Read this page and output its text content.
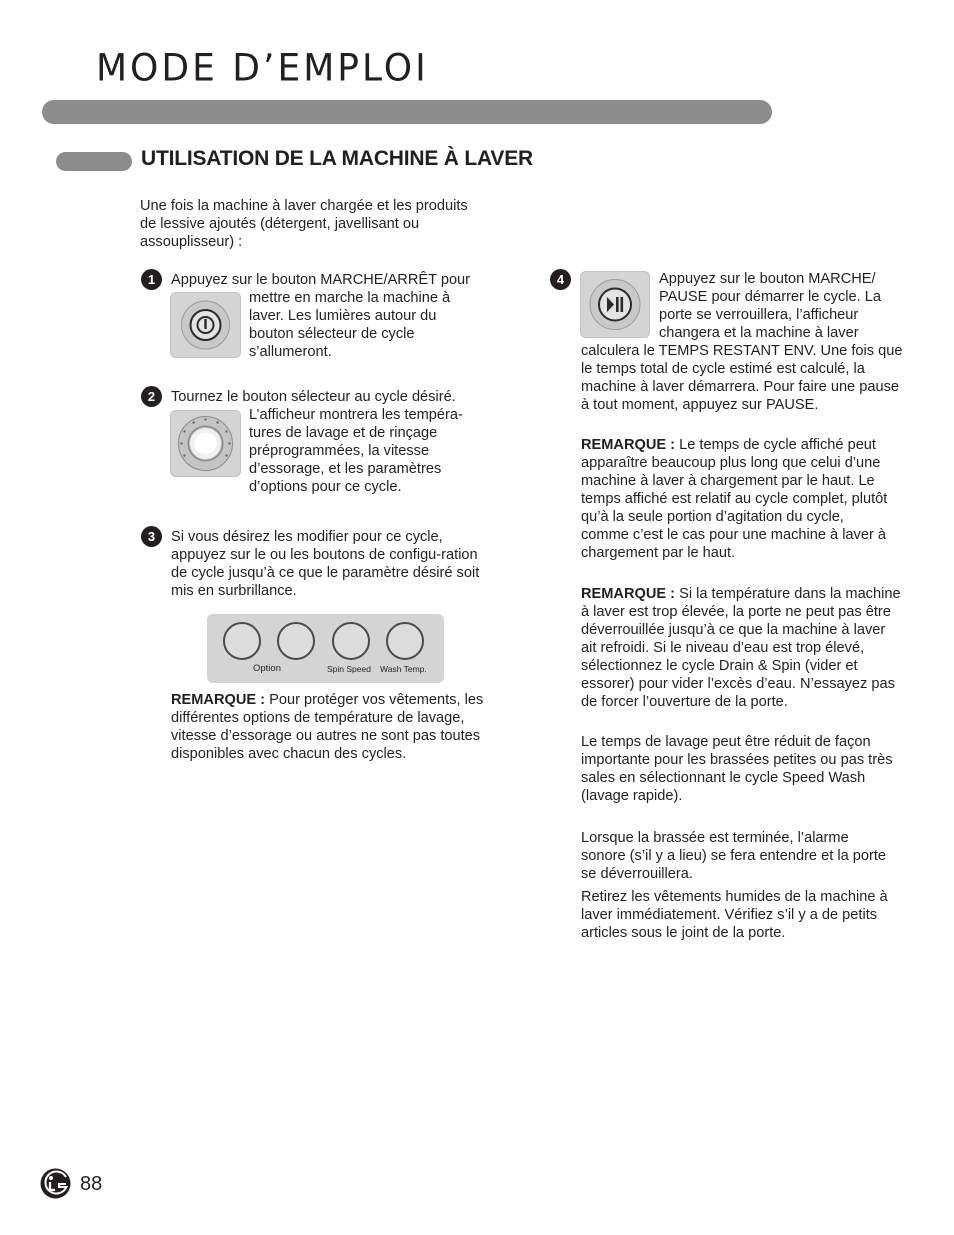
MODE D’EMPLOI
UTILISATION DE LA MACHINE À LAVER
Une fois la machine à laver chargée et les produits de lessive ajoutés (détergent, javellisant ou assouplisseur) :
1	Appuyez sur le bouton MARCHE/ARRÊT pour
mettre en marche la machine à laver. Les lumières autour du bouton sélecteur de cycle s’allumeront.
2	Tournez le bouton sélecteur au cycle désiré.
L’afficheur montrera les tempéra-tures de lavage et de rinçage préprogrammées, la vitesse d’essorage, et les paramètres d’options pour ce cycle.
3	Si vous désirez les modifier pour ce cycle, appuyez sur le ou les boutons de configu-ration de cycle jusqu’à ce que le paramètre désiré soit mis en surbrillance.
Option	Spin Speed Wash Temp.
REMARQUE : Pour protéger vos vêtements, les différentes options de température de lavage, vitesse d’essorage ou autres ne sont pas toutes disponibles avec chacun des cycles.
4	Appuyez sur le bouton MARCHE/ PAUSE pour démarrer le cycle. La porte se verrouillera, l’afficheur changera et la machine à laver
calculera le TEMPS RESTANT ENV. Une fois que le temps total de cycle estimé est calculé, la machine à laver démarrera. Pour faire une pause à tout moment, appuyez sur PAUSE.
REMARQUE : Le temps de cycle affiché peut apparaître beaucoup plus long que celui d’une machine à laver à chargement par le haut. Le temps affiché est relatif au cycle complet, plutôt qu’à la seule portion d’agitation du cycle, comme c’est le cas pour une machine à laver à chargement par le haut.
REMARQUE : Si la température dans la machine à laver est trop élevée, la porte ne peut pas être déverrouillée jusqu’à ce que la machine à laver ait refroidi. Si le niveau d’eau est trop élevé, sélectionnez le cycle Drain & Spin (vider et essorer) pour vider l’excès d’eau. N’essayez pas de forcer l’ouverture de la porte.
Le temps de lavage peut être réduit de façon importante pour les brassées petites ou pas très sales en sélectionnant le cycle Speed Wash (lavage rapide).
Lorsque la brassée est terminée, l’alarme sonore (s’il y a lieu) se fera entendre et la porte se déverrouillera.
Retirez les vêtements humides de la machine à laver immédiatement. Vérifiez s’il y a de petits articles sous le joint de la porte.
88
